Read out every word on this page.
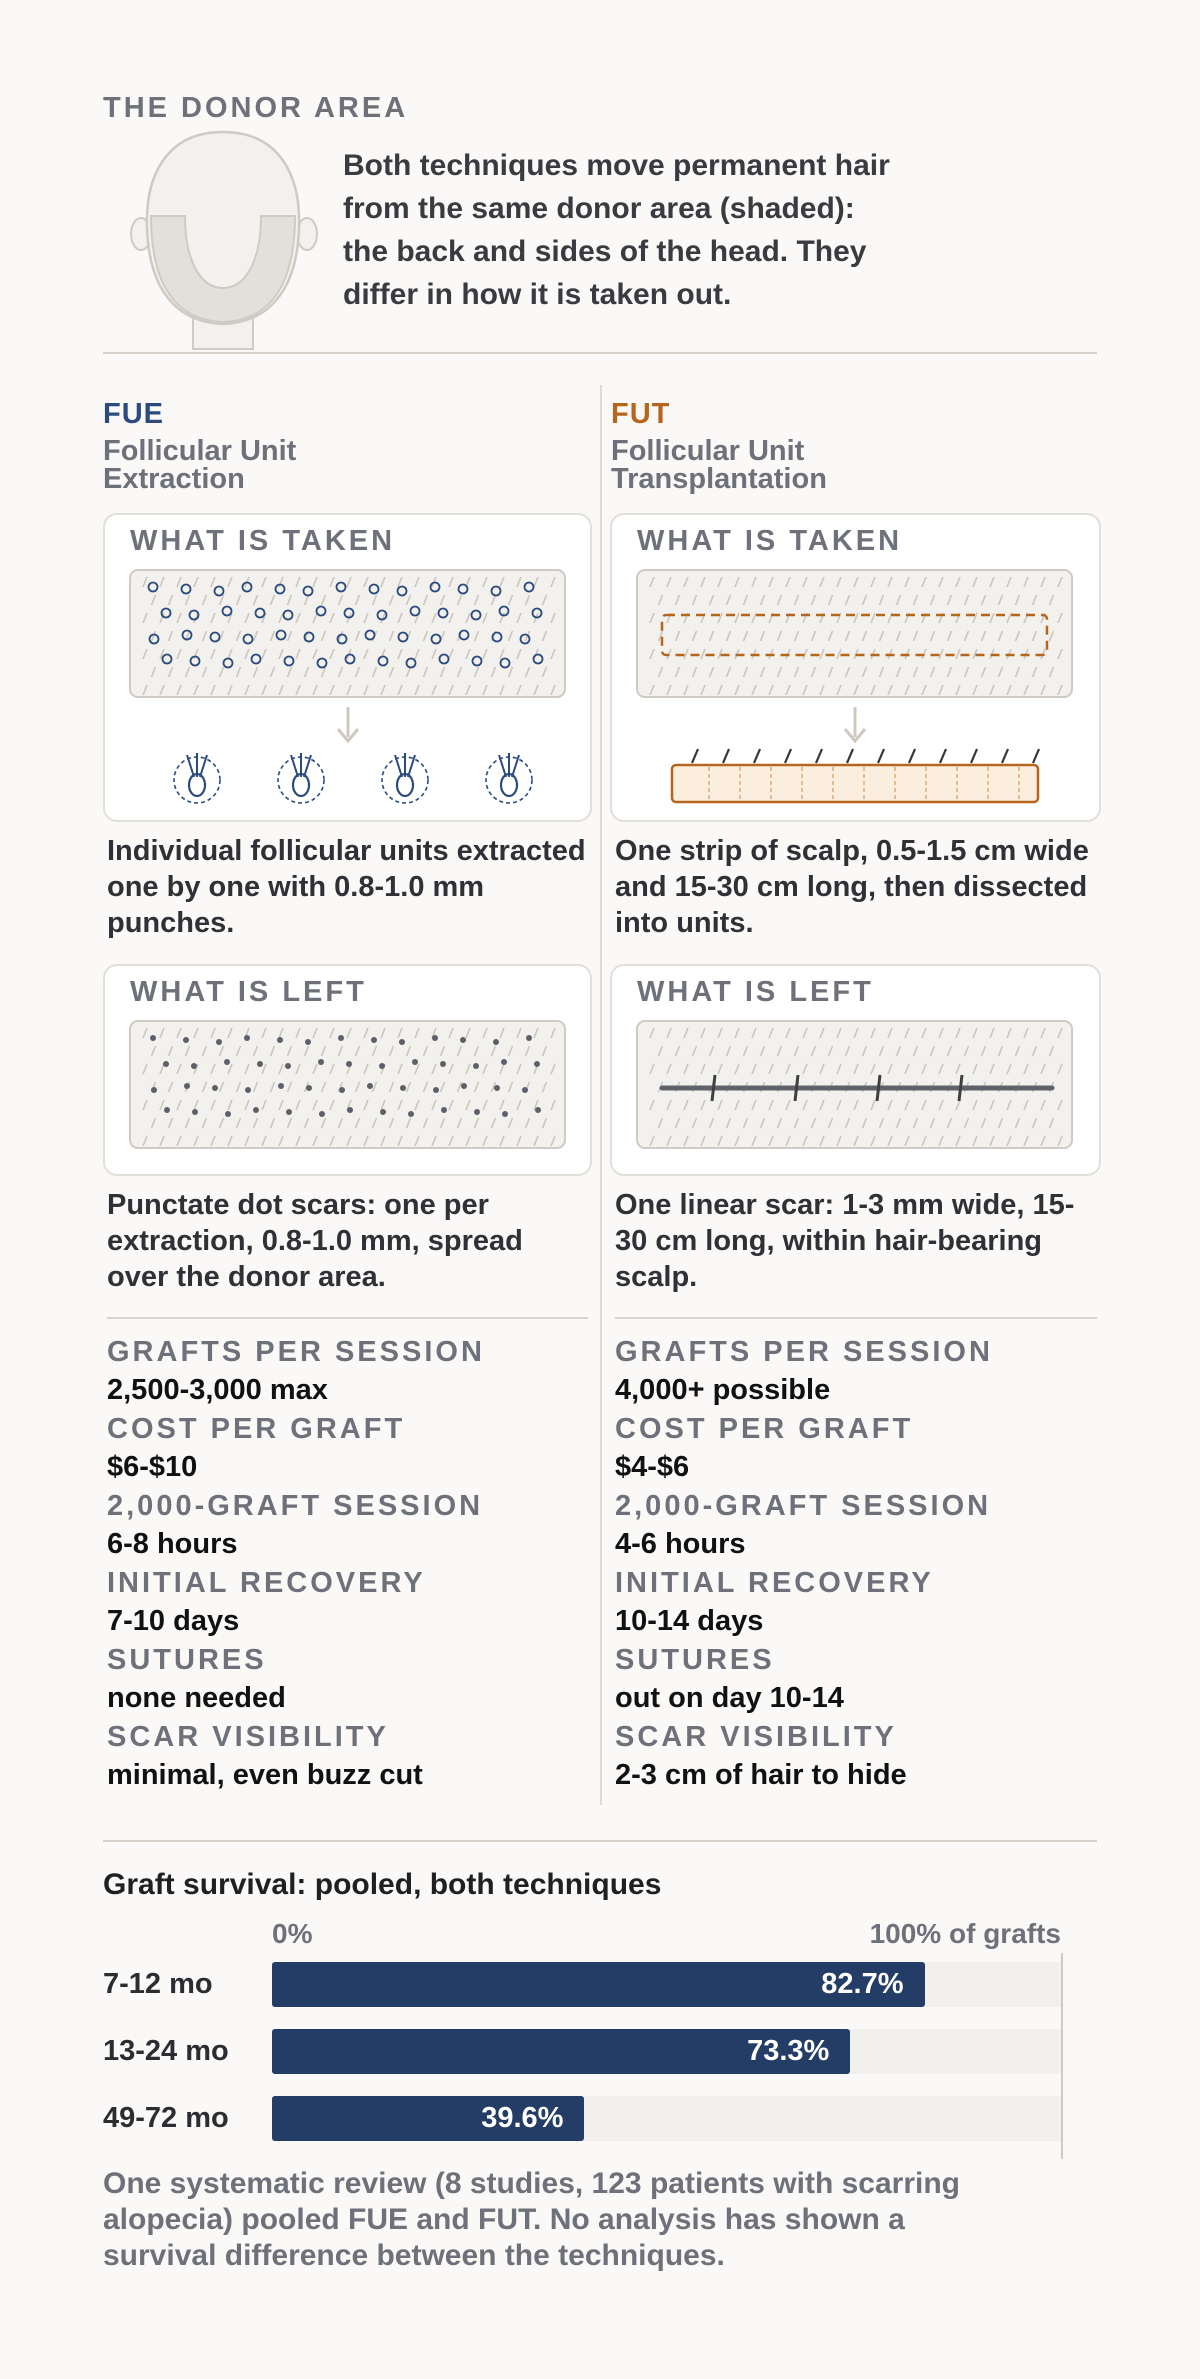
THE DONOR AREA
Both techniques move permanent hair from the same donor area (shaded): the back and sides of the head. They differ in how it is taken out.
FUE
Follicular Unit Extraction
WHAT IS TAKEN
Individual follicular units extracted one by one with 0.8-1.0 mm punches.
WHAT IS LEFT
Punctate dot scars: one per extraction, 0.8-1.0 mm, spread over the donor area.
GRAFTS PER SESSION
2,500-3,000 max
COST PER GRAFT
$6-$10
2,000-GRAFT SESSION
6-8 hours
INITIAL RECOVERY
7-10 days
SUTURES
none needed
SCAR VISIBILITY
minimal, even buzz cut
FUT
Follicular Unit Transplantation
WHAT IS TAKEN
One strip of scalp, 0.5-1.5 cm wide and 15-30 cm long, then dissected into units.
WHAT IS LEFT
One linear scar: 1-3 mm wide, 15-30 cm long, within hair-bearing scalp.
GRAFTS PER SESSION
4,000+ possible
COST PER GRAFT
$4-$6
2,000-GRAFT SESSION
4-6 hours
INITIAL RECOVERY
10-14 days
SUTURES
out on day 10-14
SCAR VISIBILITY
2-3 cm of hair to hide
Graft survival: pooled, both techniques
0%	100% of grafts
7-12 mo	82.7%
13-24 mo	73.3%
49-72 mo	39.6%
One systematic review (8 studies, 123 patients with scarring alopecia) pooled FUE and FUT. No analysis has shown a survival difference between the techniques.
